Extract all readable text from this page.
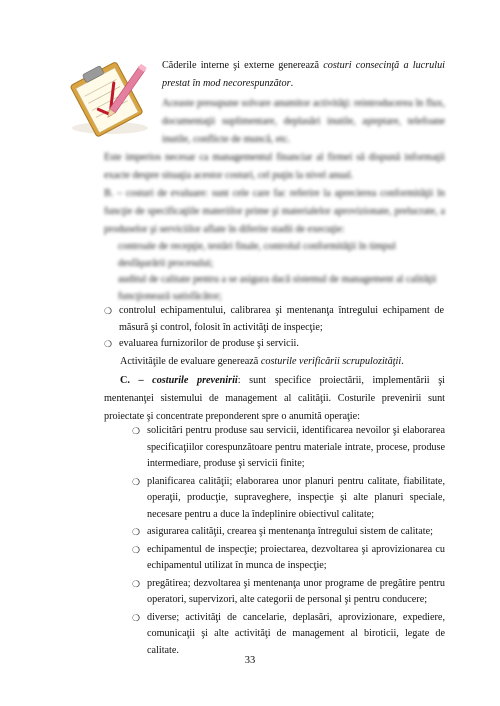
Căderile interne şi externe generează costuri consecinţă a lucrului prestat în mod necorespunzător.
Aceaste presupune solvare anumitor activităţi: reintroducerea în flux, documentaţii suplimentare, deplasări inutile, aşteptare, telefoane inutile, conflicte de muncă, etc.
Este imperios necesar ca managementul financiar al firmei să dispună informaţii exacte despre situaţia acestor costuri, cel puţin la nivel anual.
B. – costuri de evaluare: sunt cele care fac referire la aprecierea conformităţii în funcţie de specificaţiile materiilor prime şi materialelor aprovizionate, prelucrate, a produselor şi serviciilor aflate în diferite stadii de execuţie:
controale de recepţie, testări finale, controlul conformităţii în timpul desfăşurării procesului;
auditul de calitate pentru a se asigura dacă sistemul de management al calităţii funcţionează satisfăcător;
❍ controlul echipamentului, calibrarea şi mentenanţa întregului echipament de măsură şi control, folosit în activităţi de inspecţie;
❍ evaluarea furnizorilor de produse şi servicii.
Activităţile de evaluare generează costurile verificării scrupulozităţii.
C. – costurile prevenirii: sunt specifice proiectării, implementării şi mentenanţei sistemului de management al calităţii. Costurile prevenirii sunt proiectate şi concentrate preponderent spre o anumită operaţie:
❍ solicitări pentru produse sau servicii, identificarea nevoilor şi elaborarea specificaţiilor corespunzătoare pentru materiale intrate, procese, produse intermediare, produse şi servicii finite;
❍ planificarea calităţii; elaborarea unor planuri pentru calitate, fiabilitate, operaţii, producţie, supraveghere, inspecţie şi alte planuri speciale, necesare pentru a duce la îndeplinire obiectivul calitate;
❍ asigurarea calităţii, crearea şi mentenanţa întregului sistem de calitate;
❍ echipamentul de inspecţie; proiectarea, dezvoltarea şi aprovizionarea cu echipamentul utilizat în munca de inspecţie;
❍ pregătirea; dezvoltarea şi mentenanţa unor programe de pregătire pentru operatori, supervizori, alte categorii de personal şi pentru conducere;
❍ diverse; activităţi de cancelarie, deplasări, aprovizionare, expediere, comunicaţii şi alte activităţi de management al biroticii, legate de calitate.
33
